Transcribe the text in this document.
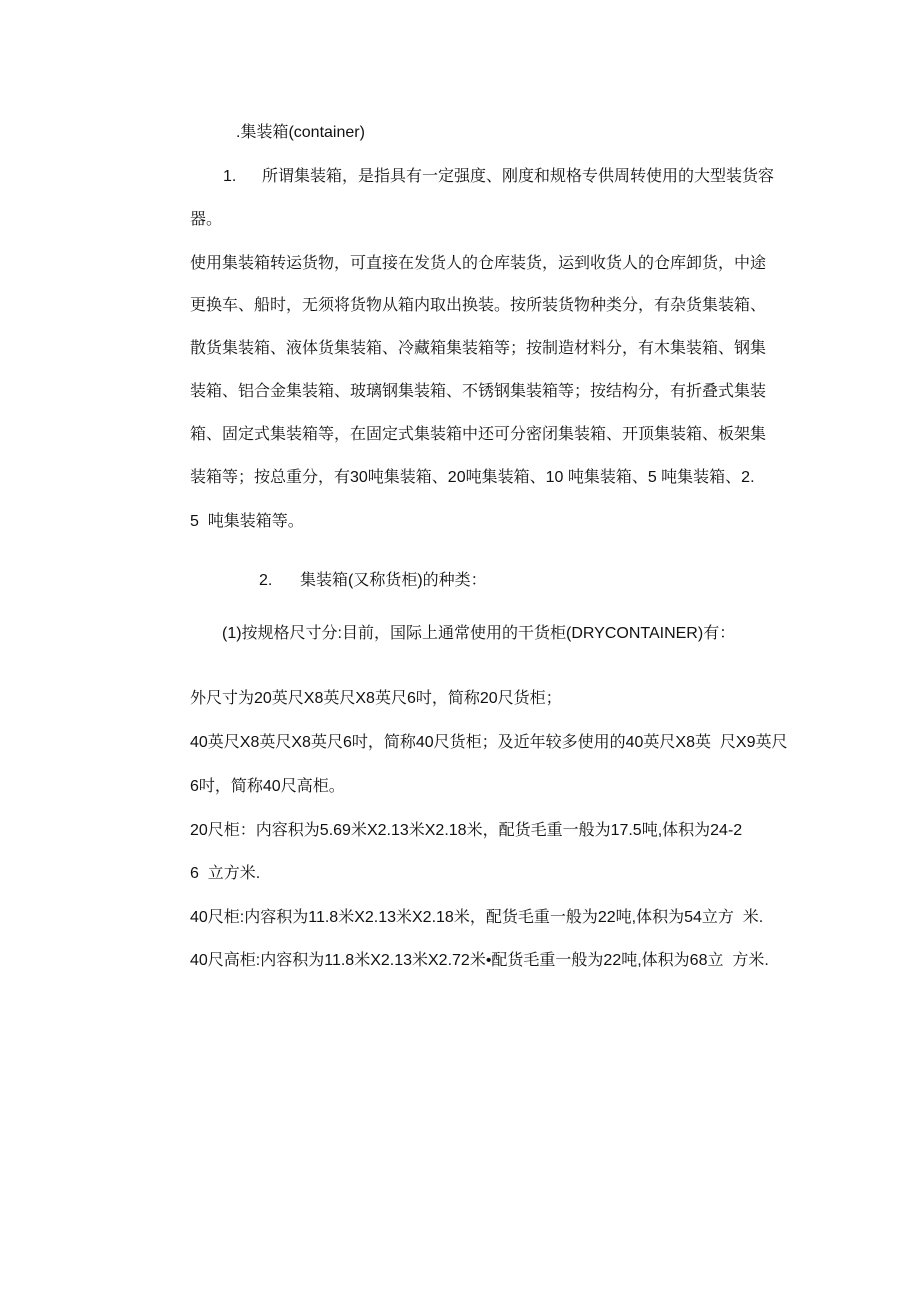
.集装箱(container)
1. 所谓集装箱，是指具有一定强度、刚度和规格专供周转使用的大型装货容
器。
使用集装箱转运货物，可直接在发货人的仓库装货，运到收货人的仓库卸货，中途
更换车、船时，无须将货物从箱内取出换装。按所装货物种类分，有杂货集装箱、
散货集装箱、液体货集装箱、冷藏箱集装箱等；按制造材料分，有木集装箱、钢集
装箱、铝合金集装箱、玻璃钢集装箱、不锈钢集装箱等；按结构分，有折叠式集装
箱、固定式集装箱等，在固定式集装箱中还可分密闭集装箱、开顶集装箱、板架集
装箱等；按总重分，有30吨集装箱、20吨集装箱、10 吨集装箱、5 吨集装箱、2.
5  吨集装箱等。
2. 集装箱(又称货柜)的种类：
(1)按规格尺寸分:目前，国际上通常使用的干货柜(DRYCONTAINER)有：
外尺寸为20英尺X8英尺X8英尺6吋，简称20尺货柜；
40英尺X8英尺X8英尺6吋，简称40尺货柜；及近年较多使用的40英尺X8英  尺X9英尺
6吋，简称40尺高柜。
20尺柜：内容积为5.69米X2.13米X2.18米，配货毛重一般为17.5吨,体积为24-2
6  立方米.
40尺柜:内容积为11.8米X2.13米X2.18米，配货毛重一般为22吨,体积为54立方  米.
40尺高柜:内容积为11.8米X2.13米X2.72米•配货毛重一般为22吨,体积为68立  方米.
